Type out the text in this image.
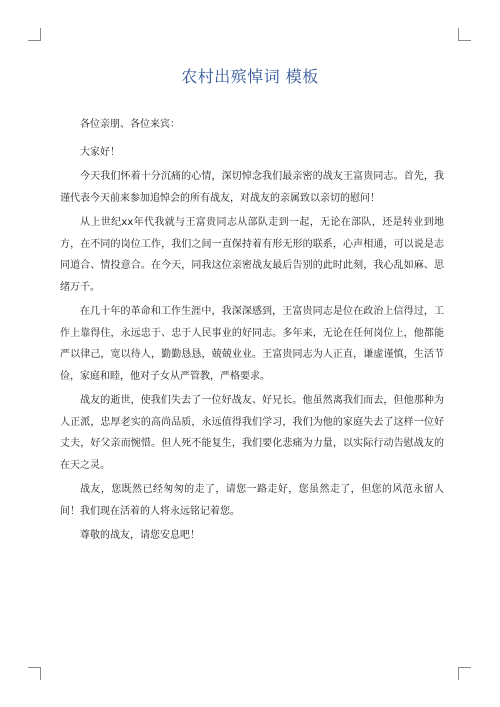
农村出殡悼词 模板

各位亲朋、各位来宾：

大家好！

今天我们怀着十分沉痛的心情，深切悼念我们最亲密的战友王富贵同志。首先，我谨代表今天前来参加追悼会的所有战友，对战友的亲属致以亲切的慰问！

从上世纪xx年代我就与王富贵同志从部队走到一起，无论在部队，还是转业到地方，在不同的岗位工作，我们之间一直保持着有形无形的联系，心声相通，可以说是志同道合、情投意合。在今天，同我这位亲密战友最后告别的此时此刻，我心乱如麻、思绪万千。

在几十年的革命和工作生涯中，我深深感到，王富贵同志是位在政治上信得过，工作上靠得住，永远忠于、忠于人民事业的好同志。多年来，无论在任何岗位上，他都能严以律己，宽以待人，勤勤恳恳，兢兢业业。王富贵同志为人正直，谦虚谨慎，生活节俭，家庭和睦，他对子女从严管教，严格要求。

战友的逝世，使我们失去了一位好战友、好兄长。他虽然离我们而去，但他那种为人正派，忠厚老实的高尚品质，永远值得我们学习，我们为他的家庭失去了这样一位好丈夫，好父亲而惋惜。但人死不能复生，我们要化悲痛为力量，以实际行动告慰战友的在天之灵。

战友，您既然已经匆匆的走了，请您一路走好，您虽然走了，但您的风范永留人间！我们现在活着的人将永远铭记着您。

尊敬的战友，请您安息吧！
